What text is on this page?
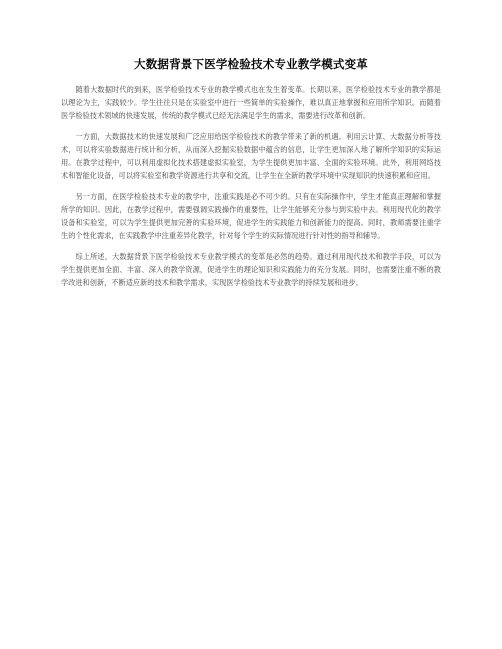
大数据背景下医学检验技术专业教学模式变革

随着大数据时代的到来，医学检验技术专业的教学模式也在发生着变革。长期以来，医学检验技术专业的教学都是以理论为主，实践较少。学生往往只是在实验室中进行一些简单的实验操作，难以真正地掌握和应用所学知识。而随着医学检验技术领域的快速发展，传统的教学模式已经无法满足学生的需求，需要进行改革和创新。

一方面，大数据技术的快速发展和广泛应用给医学检验技术的教学带来了新的机遇。利用云计算、大数据分析等技术，可以将实验数据进行统计和分析，从而深入挖掘实验数据中蕴含的信息，让学生更加深入地了解所学知识的实际运用。在教学过程中，可以利用虚拟化技术搭建虚拟实验室，为学生提供更加丰富、全面的实验环境。此外，利用网络技术和智能化设备，可以将实验室和教学资源进行共享和交流，让学生在全新的教学环境中实现知识的快速积累和应用。

另一方面，在医学检验技术专业的教学中，注重实践是必不可少的。只有在实际操作中，学生才能真正理解和掌握所学的知识。因此，在教学过程中，需要强调实践操作的重要性，让学生能够充分参与到实验中去。利用现代化的教学设备和实验室，可以为学生提供更加完善的实验环境，促进学生的实践能力和创新能力的提高。同时，教师需要注重学生的个性化需求，在实践教学中注重差异化教学，针对每个学生的实际情况进行针对性的指导和辅导。

综上所述，大数据背景下医学检验技术专业教学模式的变革是必然的趋势。通过利用现代技术和教学手段，可以为学生提供更加全面、丰富、深入的教学资源，促进学生的理论知识和实践能力的充分发展。同时，也需要注重不断的教学改进和创新，不断适应新的技术和教学需求，实现医学检验技术专业教学的持续发展和进步。
